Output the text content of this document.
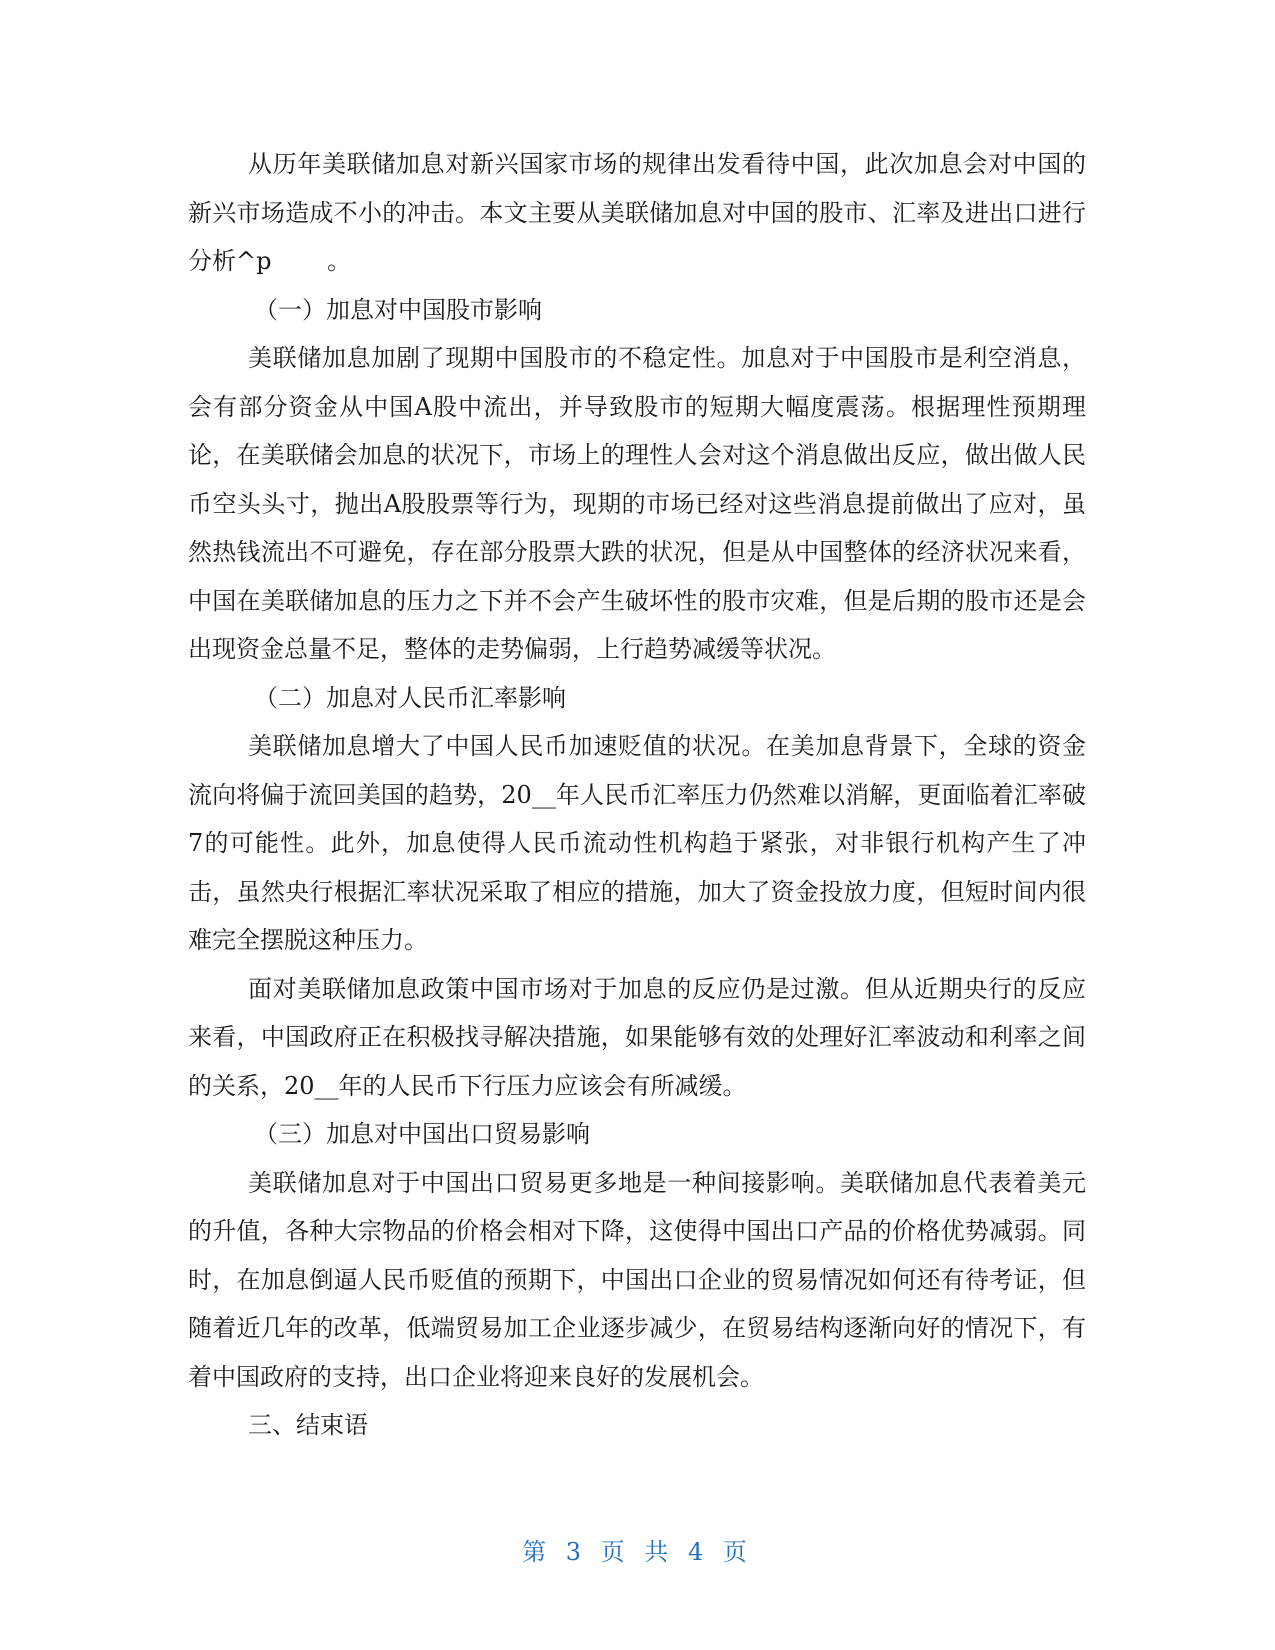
从历年美联储加息对新兴国家市场的规律出发看待中国，此次加息会对中国的新兴市场造成不小的冲击。本文主要从美联储加息对中国的股市、汇率及进出口进行分析^p 　　。

（一）加息对中国股市影响

美联储加息加剧了现期中国股市的不稳定性。加息对于中国股市是利空消息，会有部分资金从中国A股中流出，并导致股市的短期大幅度震荡。根据理性预期理论，在美联储会加息的状况下，市场上的理性人会对这个消息做出反应，做出做人民币空头头寸，抛出A股股票等行为，现期的市场已经对这些消息提前做出了应对，虽然热钱流出不可避免，存在部分股票大跌的状况，但是从中国整体的经济状况来看，中国在美联储加息的压力之下并不会产生破坏性的股市灾难，但是后期的股市还是会出现资金总量不足，整体的走势偏弱，上行趋势减缓等状况。

（二）加息对人民币汇率影响

美联储加息增大了中国人民币加速贬值的状况。在美加息背景下，全球的资金流向将偏于流回美国的趋势，20__年人民币汇率压力仍然难以消解，更面临着汇率破7的可能性。此外，加息使得人民币流动性机构趋于紧张，对非银行机构产生了冲击，虽然央行根据汇率状况采取了相应的措施，加大了资金投放力度，但短时间内很难完全摆脱这种压力。

面对美联储加息政策中国市场对于加息的反应仍是过激。但从近期央行的反应来看，中国政府正在积极找寻解决措施，如果能够有效的处理好汇率波动和利率之间的关系，20__年的人民币下行压力应该会有所减缓。

（三）加息对中国出口贸易影响

美联储加息对于中国出口贸易更多地是一种间接影响。美联储加息代表着美元的升值，各种大宗物品的价格会相对下降，这使得中国出口产品的价格优势减弱。同时，在加息倒逼人民币贬值的预期下，中国出口企业的贸易情况如何还有待考证，但随着近几年的改革，低端贸易加工企业逐步减少，在贸易结构逐渐向好的情况下，有着中国政府的支持，出口企业将迎来良好的发展机会。

三、结束语

第 3 页 共 4 页
